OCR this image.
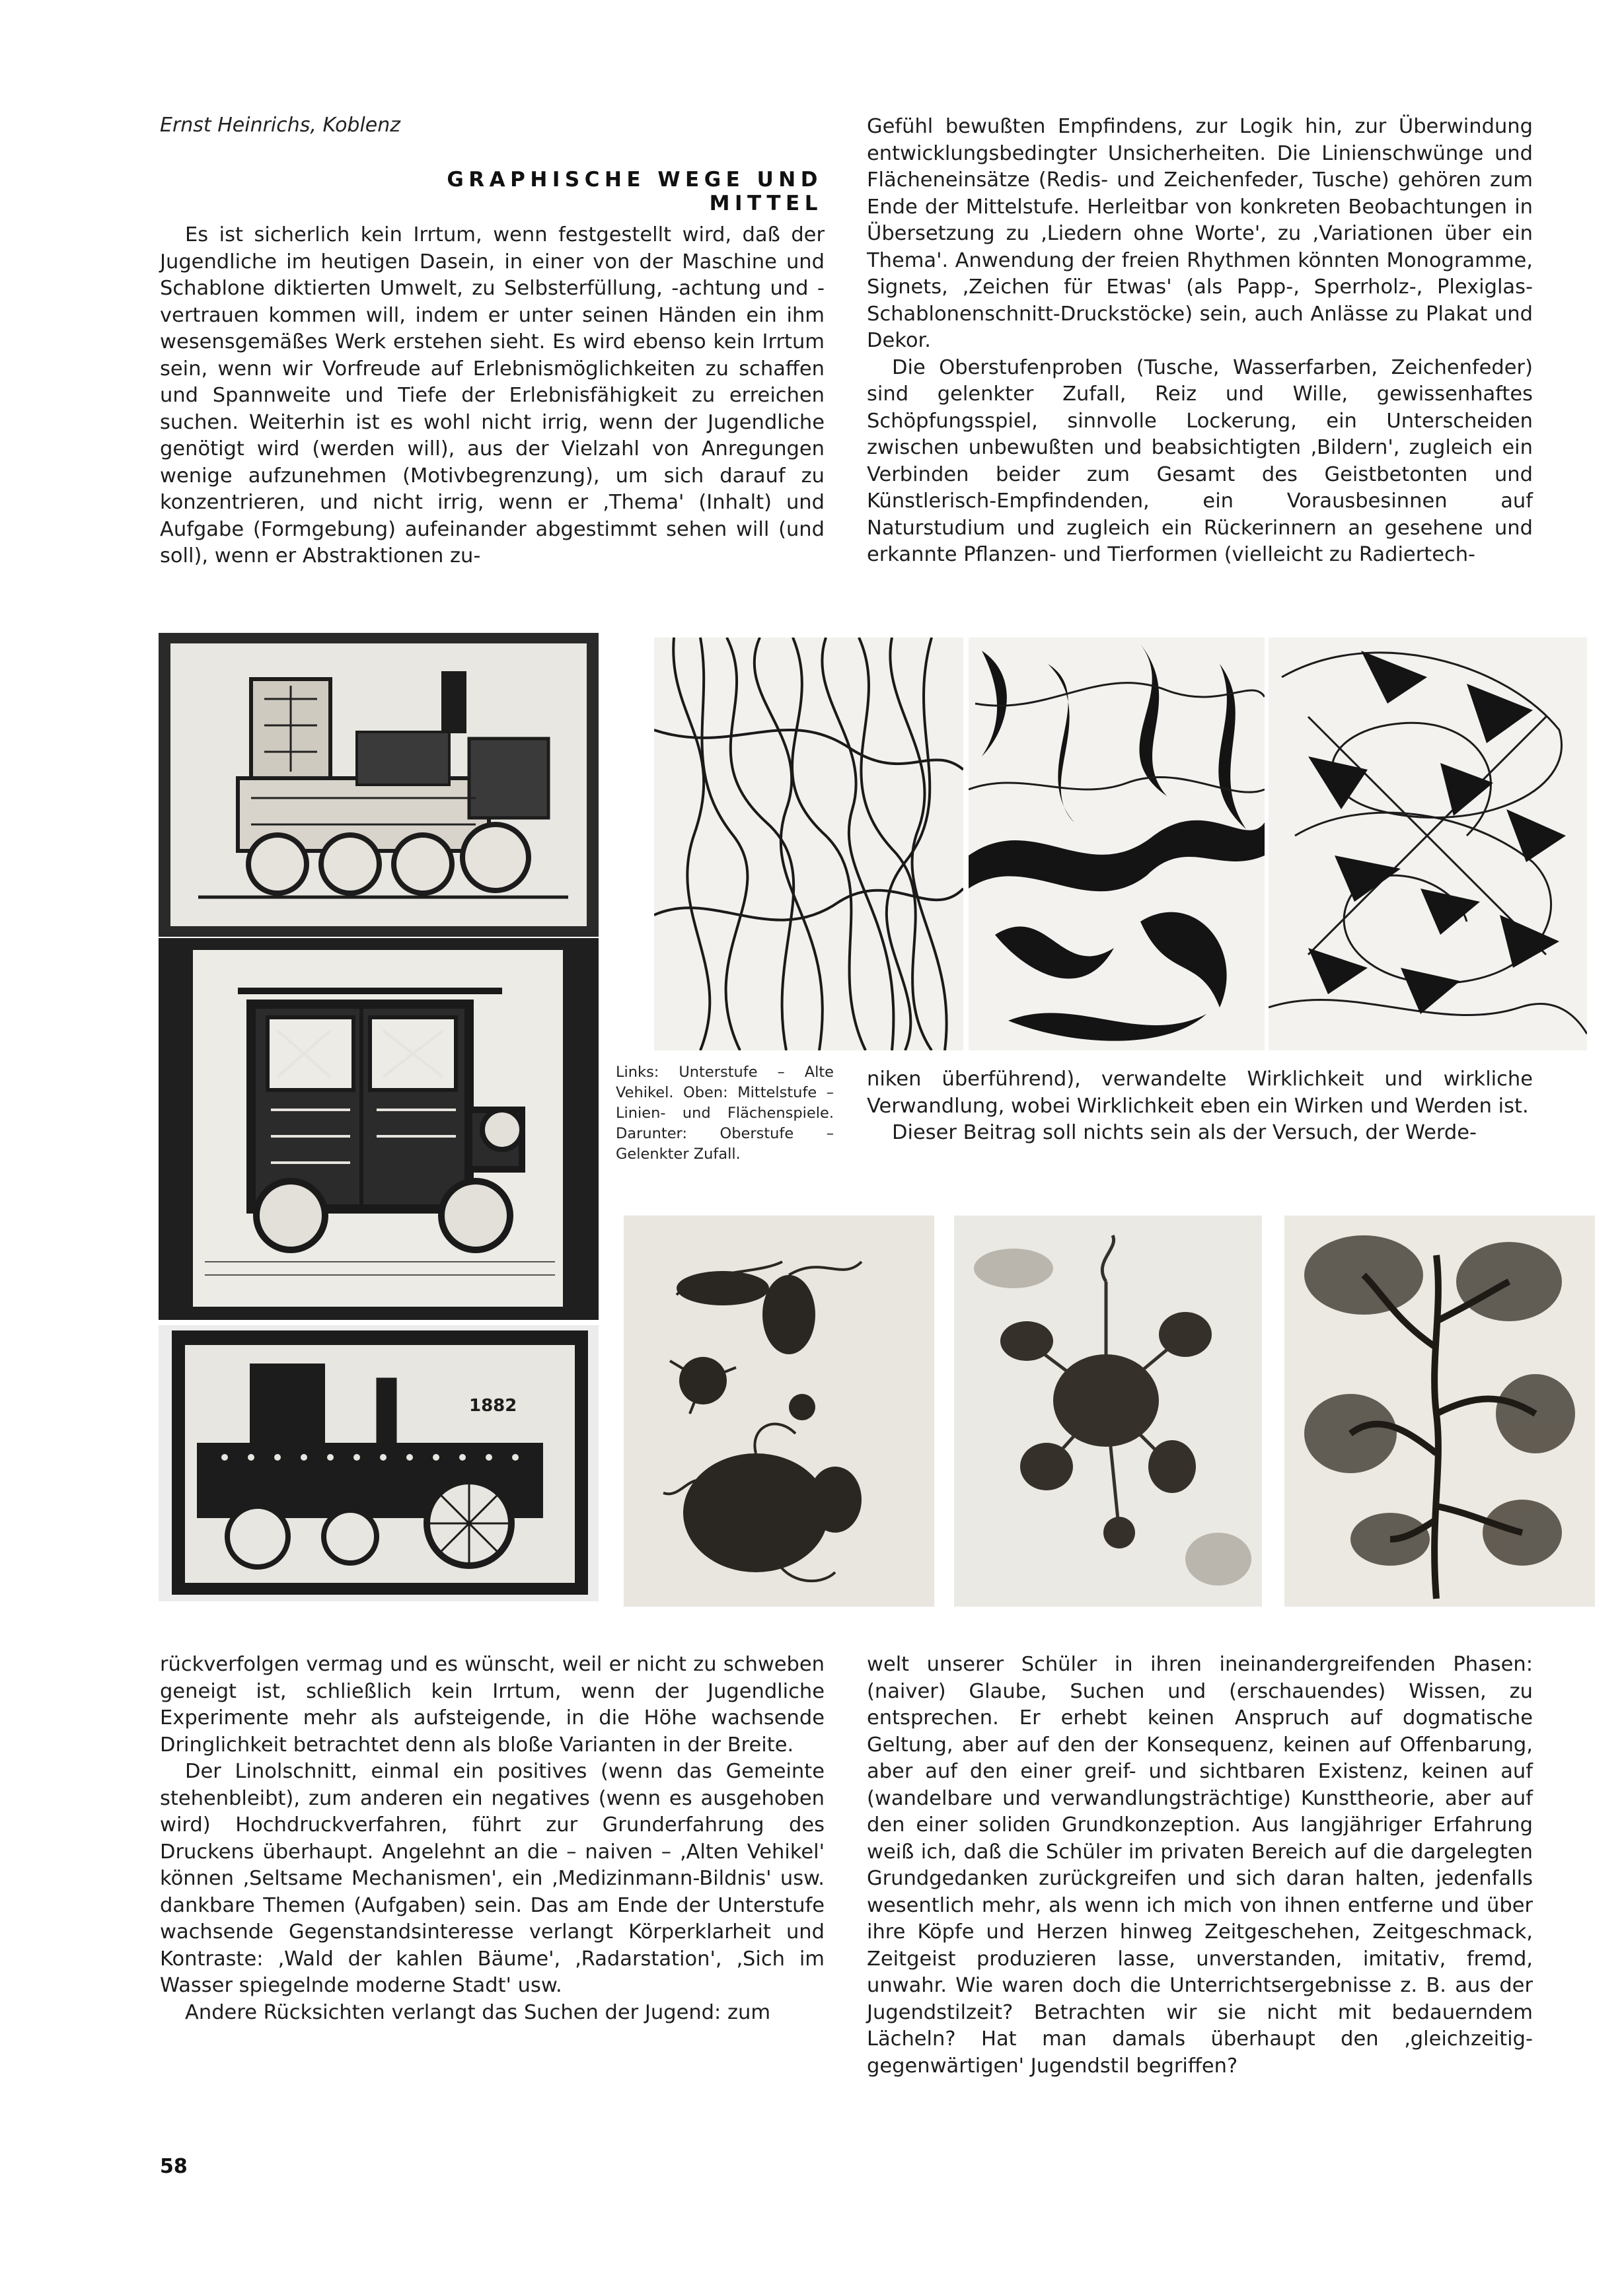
Ernst Heinrichs, Koblenz
GRAPHISCHE WEGE UND MITTEL

Es ist sicherlich kein Irrtum, wenn festgestellt wird, daß der Jugendliche im heutigen Dasein, in einer von der Maschine und Schablone diktierten Umwelt, zu Selbsterfüllung, -achtung und -vertrauen kommen will, indem er unter seinen Händen ein ihm wesensgemäßes Werk erstehen sieht. Es wird ebenso kein Irrtum sein, wenn wir Vorfreude auf Erlebnismöglichkeiten zu schaffen und Spannweite und Tiefe der Erlebnisfähigkeit zu erreichen suchen. Weiterhin ist es wohl nicht irrig, wenn der Jugendliche genötigt wird (werden will), aus der Vielzahl von Anregungen wenige aufzunehmen (Motivbegrenzung), um sich darauf zu konzentrieren, und nicht irrig, wenn er ‚Thema' (Inhalt) und Aufgabe (Formgebung) aufeinander abgestimmt sehen will (und soll), wenn er Abstraktionen zu-

Gefühl bewußten Empfindens, zur Logik hin, zur Überwindung entwicklungsbedingter Unsicherheiten. Die Linienschwünge und Flächeneinsätze (Redis- und Zeichenfeder, Tusche) gehören zum Ende der Mittelstufe. Herleitbar von konkreten Beobachtungen in Übersetzung zu ‚Liedern ohne Worte', zu ‚Variationen über ein Thema'. Anwendung der freien Rhythmen könnten Monogramme, Signets, ‚Zeichen für Etwas' (als Papp-, Sperrholz-, Plexiglas-Schablonenschnitt-Druckstöcke) sein, auch Anlässe zu Plakat und Dekor.

Die Oberstufenproben (Tusche, Wasserfarben, Zeichenfeder) sind gelenkter Zufall, Reiz und Wille, gewissenhaftes Schöpfungsspiel, sinnvolle Lockerung, ein Unterscheiden zwischen unbewußten und beabsichtigten ‚Bildern', zugleich ein Verbinden beider zum Gesamt des Geistbetonten und Künstlerisch-Empfindenden, ein Vorausbesinnen auf Naturstudium und zugleich ein Rückerinnern an gesehene und erkannte Pflanzen- und Tierformen (vielleicht zu Radiertech-

1882
Links: Unterstufe – Alte Vehikel. Oben: Mittelstufe – Linien- und Flächenspiele. Darunter: Oberstufe – Gelenkter Zufall.

niken überführend), verwandelte Wirklichkeit und wirkliche Verwandlung, wobei Wirklichkeit eben ein Wirken und Werden ist.

Dieser Beitrag soll nichts sein als der Versuch, der Werde-

rückverfolgen vermag und es wünscht, weil er nicht zu schweben geneigt ist, schließlich kein Irrtum, wenn der Jugendliche Experimente mehr als aufsteigende, in die Höhe wachsende Dringlichkeit betrachtet denn als bloße Varianten in der Breite.

Der Linolschnitt, einmal ein positives (wenn das Gemeinte stehenbleibt), zum anderen ein negatives (wenn es ausgehoben wird) Hochdruckverfahren, führt zur Grunderfahrung des Druckens überhaupt. Angelehnt an die – naiven – ‚Alten Vehikel' können ‚Seltsame Mechanismen', ein ‚Medizinmann-Bildnis' usw. dankbare Themen (Aufgaben) sein. Das am Ende der Unterstufe wachsende Gegenstandsinteresse verlangt Körperklarheit und Kontraste: ‚Wald der kahlen Bäume', ‚Radarstation', ‚Sich im Wasser spiegelnde moderne Stadt' usw.

Andere Rücksichten verlangt das Suchen der Jugend: zum

welt unserer Schüler in ihren ineinandergreifenden Phasen: (naiver) Glaube, Suchen und (erschauendes) Wissen, zu entsprechen. Er erhebt keinen Anspruch auf dogmatische Geltung, aber auf den der Konsequenz, keinen auf Offenbarung, aber auf den einer greif- und sichtbaren Existenz, keinen auf (wandelbare und verwandlungsträchtige) Kunsttheorie, aber auf den einer soliden Grundkonzeption. Aus langjähriger Erfahrung weiß ich, daß die Schüler im privaten Bereich auf die dargelegten Grundgedanken zurückgreifen und sich daran halten, jedenfalls wesentlich mehr, als wenn ich mich von ihnen entferne und über ihre Köpfe und Herzen hinweg Zeitgeschehen, Zeitgeschmack, Zeitgeist produzieren lasse, unverstanden, imitativ, fremd, unwahr. Wie waren doch die Unterrichtsergebnisse z. B. aus der Jugendstilzeit? Betrachten wir sie nicht mit bedauerndem Lächeln? Hat man damals überhaupt den ‚gleichzeitig-gegenwärtigen' Jugendstil begriffen?

58
